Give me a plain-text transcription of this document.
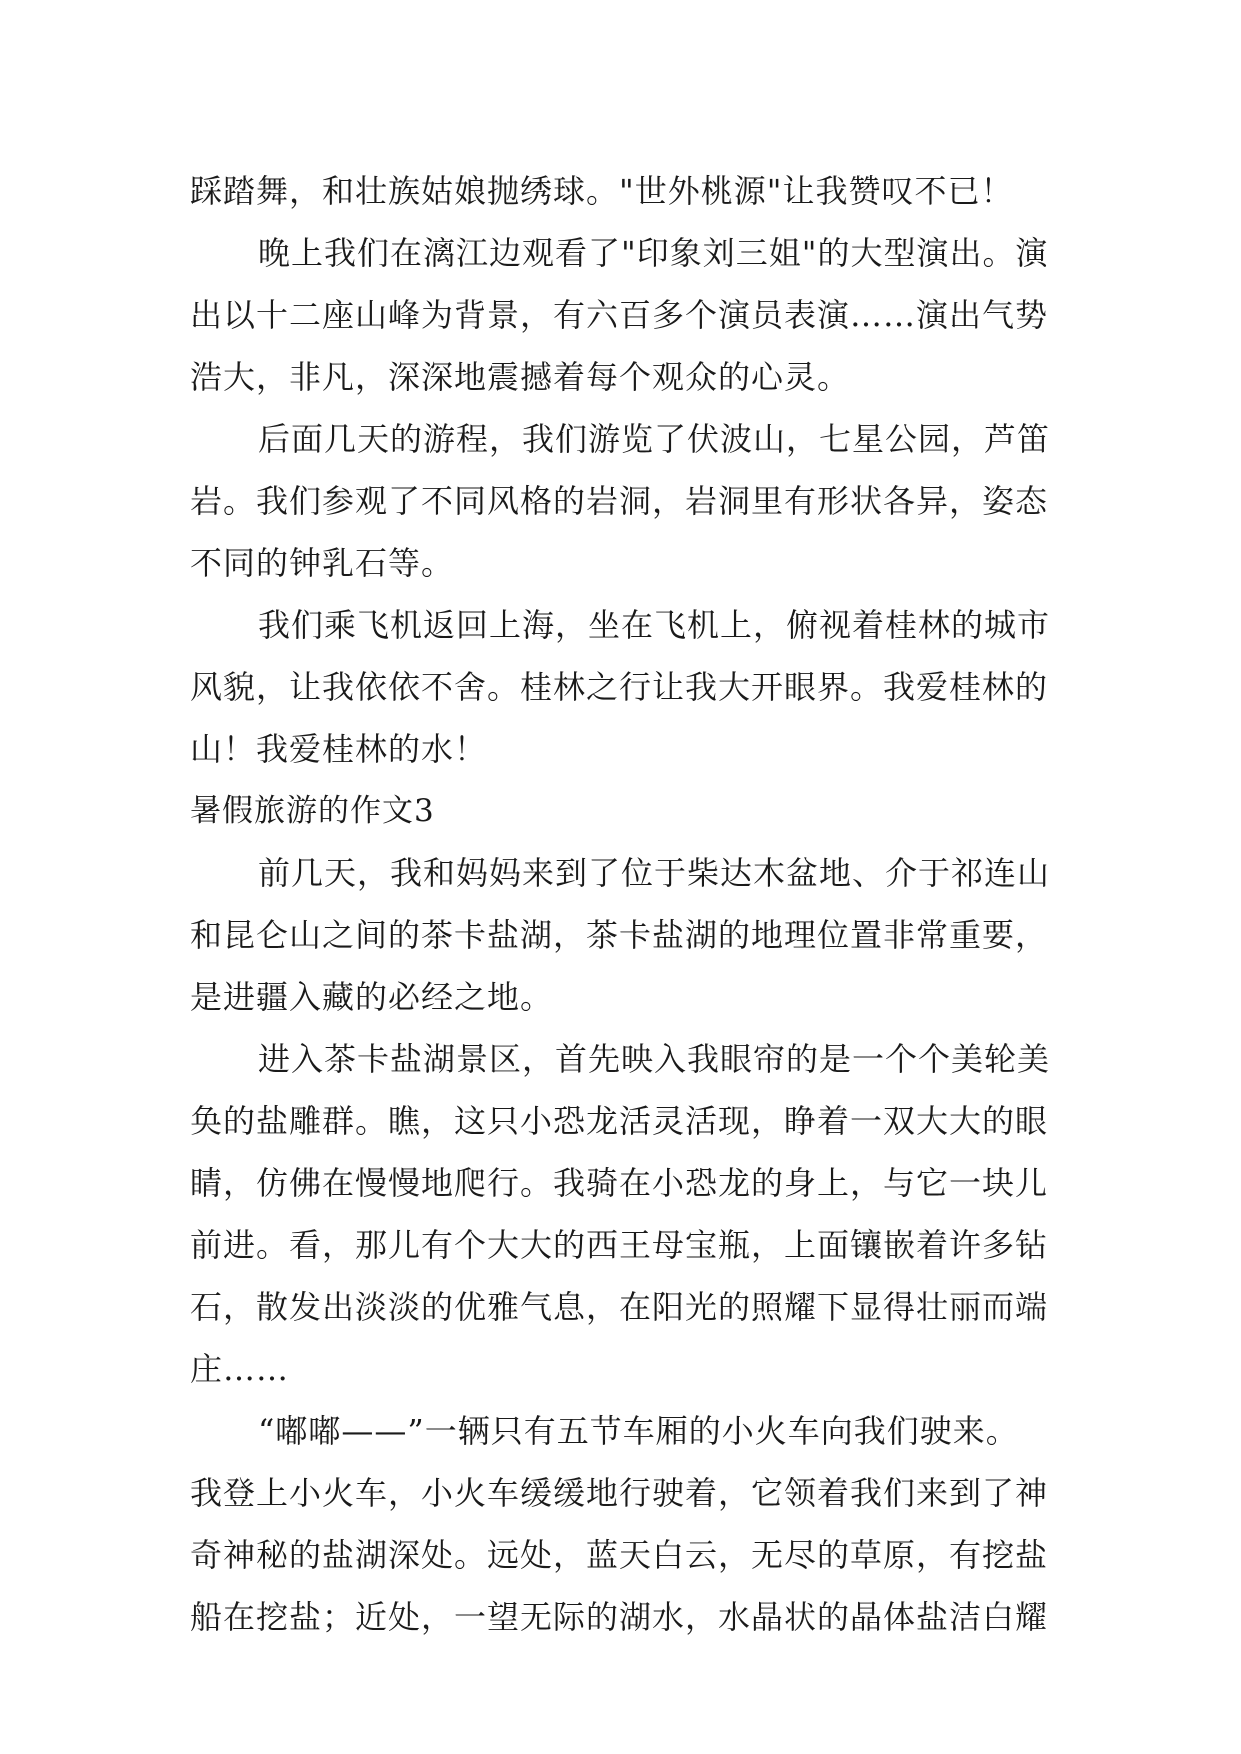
踩踏舞，和壮族姑娘抛绣球。"世外桃源"让我赞叹不已！
晚上我们在漓江边观看了"印象刘三姐"的大型演出。演
出以十二座山峰为背景，有六百多个演员表演……演出气势
浩大，非凡，深深地震撼着每个观众的心灵。
后面几天的游程，我们游览了伏波山，七星公园，芦笛
岩。我们参观了不同风格的岩洞，岩洞里有形状各异，姿态
不同的钟乳石等。
我们乘飞机返回上海，坐在飞机上，俯视着桂林的城市
风貌，让我依依不舍。桂林之行让我大开眼界。我爱桂林的
山！我爱桂林的水！
暑假旅游的作文3
前几天，我和妈妈来到了位于柴达木盆地、介于祁连山
和昆仑山之间的茶卡盐湖，茶卡盐湖的地理位置非常重要，
是进疆入藏的必经之地。
进入茶卡盐湖景区，首先映入我眼帘的是一个个美轮美
奂的盐雕群。瞧，这只小恐龙活灵活现，睁着一双大大的眼
睛，仿佛在慢慢地爬行。我骑在小恐龙的身上，与它一块儿
前进。看，那儿有个大大的西王母宝瓶，上面镶嵌着许多钻
石，散发出淡淡的优雅气息，在阳光的照耀下显得壮丽而端
庄……
“嘟嘟——”一辆只有五节车厢的小火车向我们驶来。
我登上小火车，小火车缓缓地行驶着，它领着我们来到了神
奇神秘的盐湖深处。远处，蓝天白云，无尽的草原，有挖盐
船在挖盐；近处，一望无际的湖水，水晶状的晶体盐洁白耀
